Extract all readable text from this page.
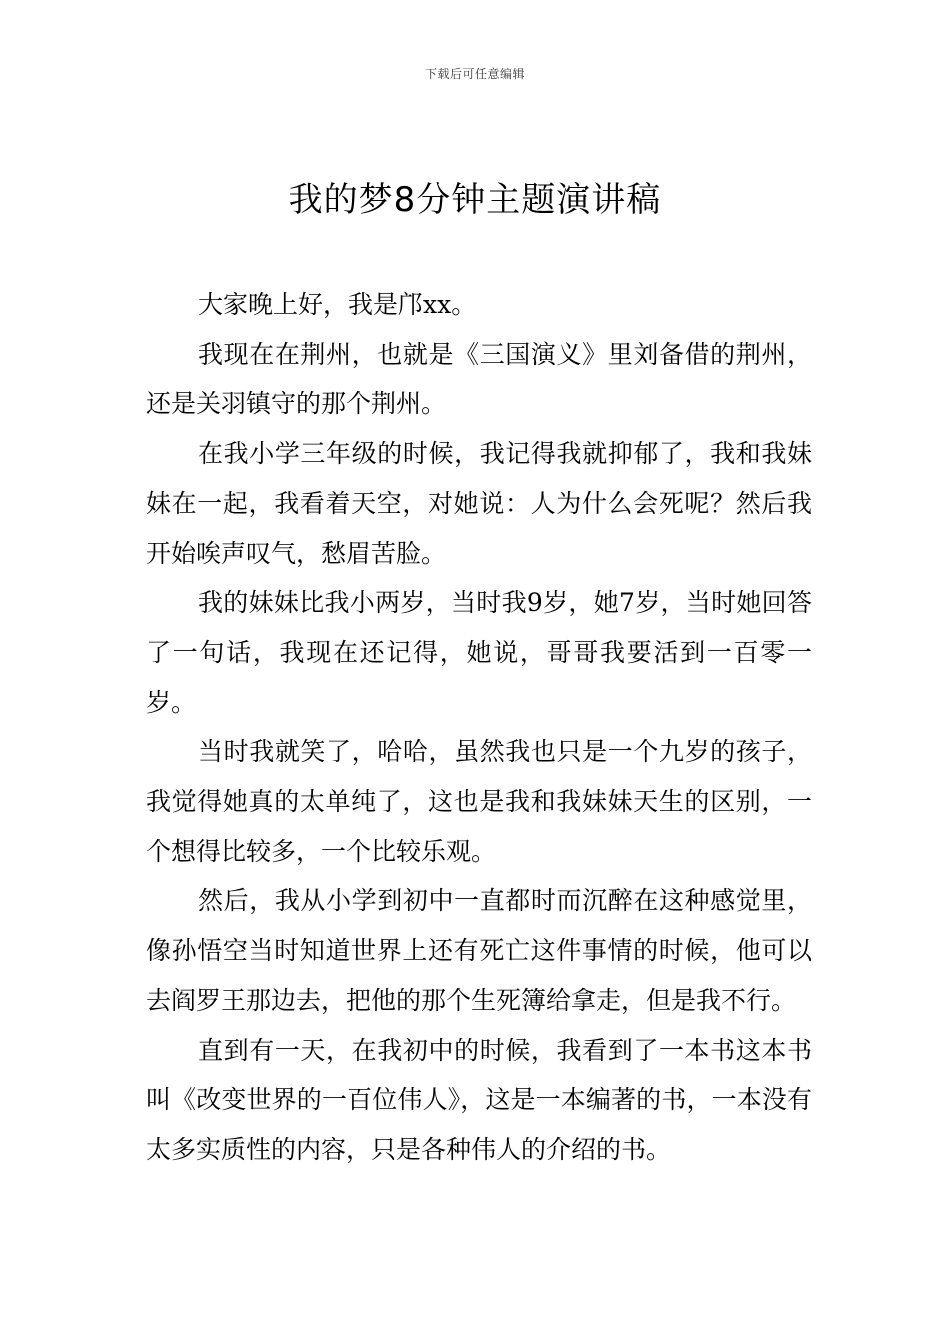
下载后可任意编辑
我的梦8分钟主题演讲稿

大家晚上好，我是邝xx。

我现在在荆州，也就是《三国演义》里刘备借的荆州，还是关羽镇守的那个荆州。

在我小学三年级的时候，我记得我就抑郁了，我和我妹妹在一起，我看着天空，对她说：人为什么会死呢？然后我开始唉声叹气，愁眉苦脸。

我的妹妹比我小两岁，当时我9岁，她7岁，当时她回答了一句话，我现在还记得，她说，哥哥我要活到一百零一岁。

当时我就笑了，哈哈，虽然我也只是一个九岁的孩子，我觉得她真的太单纯了，这也是我和我妹妹天生的区别，一个想得比较多，一个比较乐观。

然后，我从小学到初中一直都时而沉醉在这种感觉里，像孙悟空当时知道世界上还有死亡这件事情的时候，他可以去阎罗王那边去，把他的那个生死簿给拿走，但是我不行。

直到有一天，在我初中的时候，我看到了一本书这本书叫《改变世界的一百位伟人》，这是一本编著的书，一本没有太多实质性的内容，只是各种伟人的介绍的书。
